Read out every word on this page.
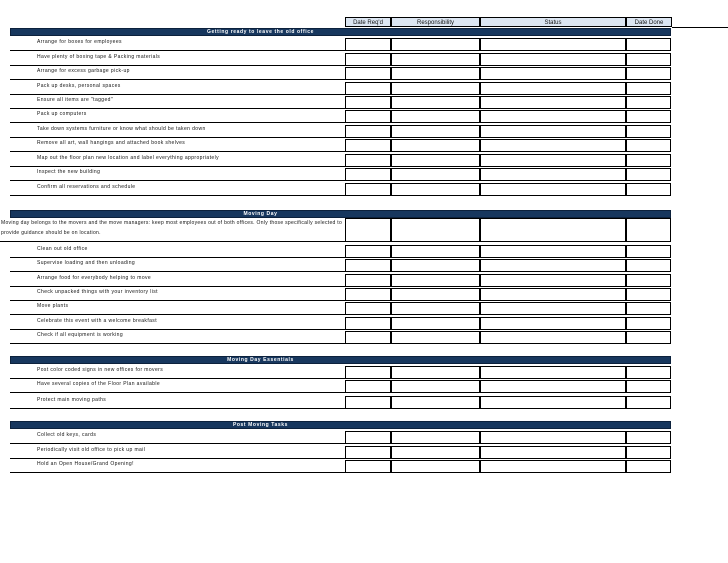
Date Req'd	Responsibility	Status	Date Done
Getting ready to leave the old office
Arrange for boxes for employees
Have plenty of boxing tape & Packing materials
Arrange for excess garbage pick-up
Pack up desks, personal spaces
Ensure all items are "tagged"
Pack up computers
Take down systems furniture or know what should be taken down
Remove all art, wall hangings and attached book shelves
Map out the floor plan new location and label everything appropriately
Inspect the new building
Confirm all reservations and schedule
Moving Day
Moving day belongs to the movers and the move managers: keep most employees out of both offices. Only those specifically selected to provide guidance should be on location.
Clean out old office
Supervise loading and then unloading
Arrange food for everybody helping to move
Check unpacked things with your inventory list
Move plants
Celebrate this event with a welcome breakfast
Check if all equipment is working
Moving Day Essentials
Post color coded signs in new offices for movers
Have several copies of the Floor Plan available
Protect main moving paths
Post Moving Tasks
Collect old keys, cards
Periodically visit old office to pick up mail
Hold an Open House/Grand Opening!
